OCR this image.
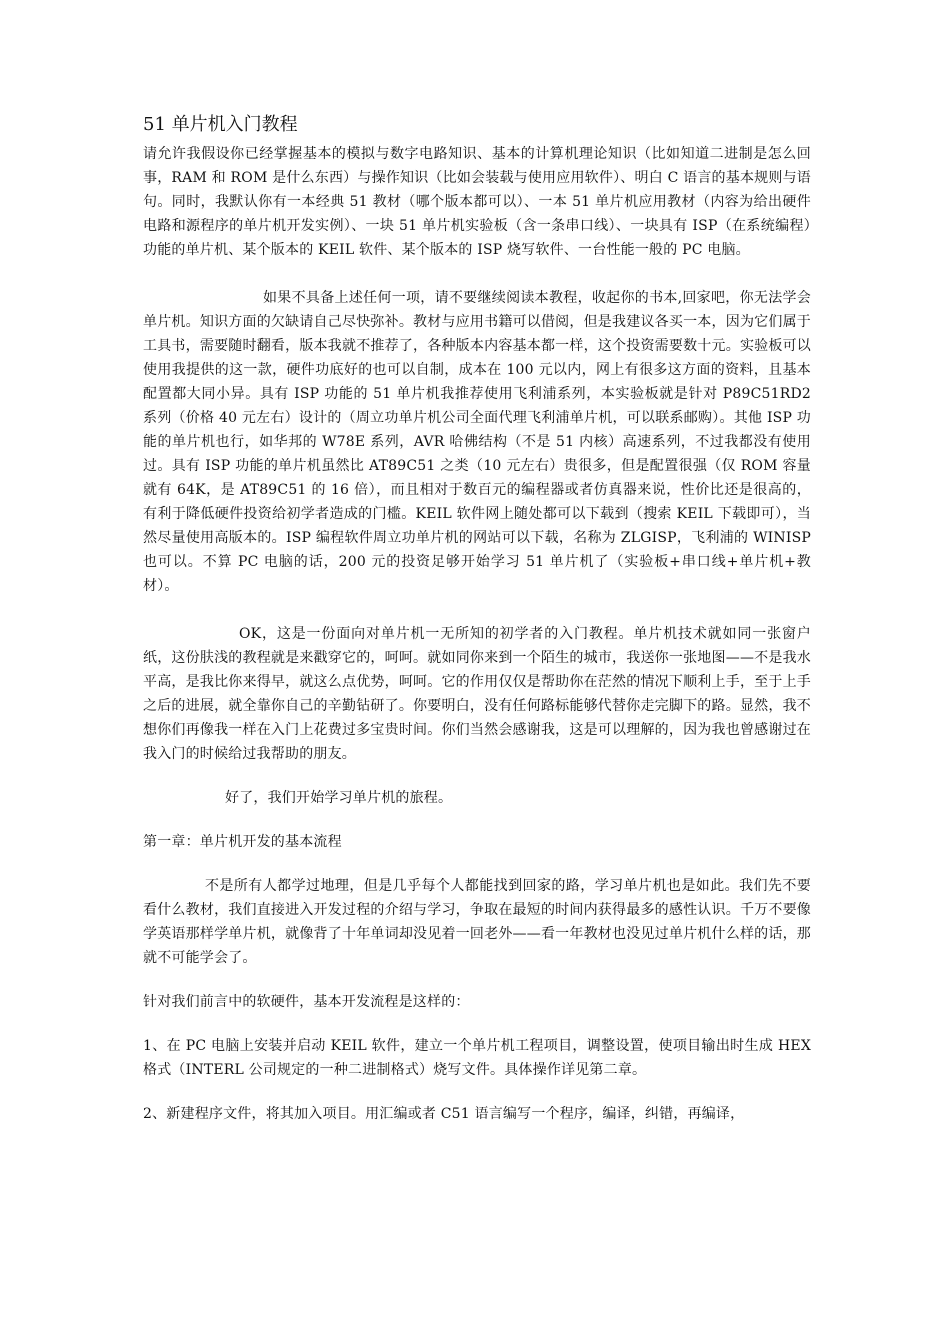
51 单片机入门教程

请允许我假设你已经掌握基本的模拟与数字电路知识、基本的计算机理论知识（比如知道二进制是怎么回事，RAM 和 ROM 是什么东西）与操作知识（比如会装载与使用应用软件）、明白 C 语言的基本规则与语句。同时，我默认你有一本经典 51 教材（哪个版本都可以）、一本 51 单片机应用教材（内容为给出硬件电路和源程序的单片机开发实例）、一块 51 单片机实验板（含一条串口线）、一块具有 ISP（在系统编程）功能的单片机、某个版本的 KEIL 软件、某个版本的 ISP 烧写软件、一台性能一般的 PC 电脑。

如果不具备上述任何一项，请不要继续阅读本教程，收起你的书本,回家吧，你无法学会单片机。知识方面的欠缺请自己尽快弥补。教材与应用书籍可以借阅，但是我建议各买一本，因为它们属于工具书，需要随时翻看，版本我就不推荐了，各种版本内容基本都一样，这个投资需要数十元。实验板可以使用我提供的这一款，硬件功底好的也可以自制，成本在 100 元以内，网上有很多这方面的资料，且基本配置都大同小异。具有 ISP 功能的 51 单片机我推荐使用飞利浦系列，本实验板就是针对 P89C51RD2 系列（价格 40 元左右）设计的（周立功单片机公司全面代理飞利浦单片机，可以联系邮购）。其他 ISP 功能的单片机也行，如华邦的 W78E 系列，AVR 哈佛结构（不是 51 内核）高速系列，不过我都没有使用过。具有 ISP 功能的单片机虽然比 AT89C51 之类（10 元左右）贵很多，但是配置很强（仅 ROM 容量就有 64K，是 AT89C51 的 16 倍），而且相对于数百元的编程器或者仿真器来说，性价比还是很高的，有利于降低硬件投资给初学者造成的门槛。KEIL 软件网上随处都可以下载到（搜索 KEIL 下载即可），当然尽量使用高版本的。ISP 编程软件周立功单片机的网站可以下载，名称为 ZLGISP，飞利浦的 WINISP 也可以。不算 PC 电脑的话，200 元的投资足够开始学习 51 单片机了（实验板+串口线+单片机+教材）。

OK，这是一份面向对单片机一无所知的初学者的入门教程。单片机技术就如同一张窗户纸，这份肤浅的教程就是来戳穿它的，呵呵。就如同你来到一个陌生的城市，我送你一张地图——不是我水平高，是我比你来得早，就这么点优势，呵呵。它的作用仅仅是帮助你在茫然的情况下顺利上手，至于上手之后的进展，就全靠你自己的辛勤钻研了。你要明白，没有任何路标能够代替你走完脚下的路。显然，我不想你们再像我一样在入门上花费过多宝贵时间。你们当然会感谢我，这是可以理解的，因为我也曾感谢过在我入门的时候给过我帮助的朋友。

好了，我们开始学习单片机的旅程。

第一章：单片机开发的基本流程

不是所有人都学过地理，但是几乎每个人都能找到回家的路，学习单片机也是如此。我们先不要看什么教材，我们直接进入开发过程的介绍与学习，争取在最短的时间内获得最多的感性认识。千万不要像学英语那样学单片机，就像背了十年单词却没见着一回老外——看一年教材也没见过单片机什么样的话，那就不可能学会了。

针对我们前言中的软硬件，基本开发流程是这样的：

1、在 PC 电脑上安装并启动 KEIL 软件，建立一个单片机工程项目，调整设置，使项目输出时生成 HEX 格式（INTERL 公司规定的一种二进制格式）烧写文件。具体操作详见第二章。

2、新建程序文件，将其加入项目。用汇编或者 C51 语言编写一个程序，编译，纠错，再编译，
